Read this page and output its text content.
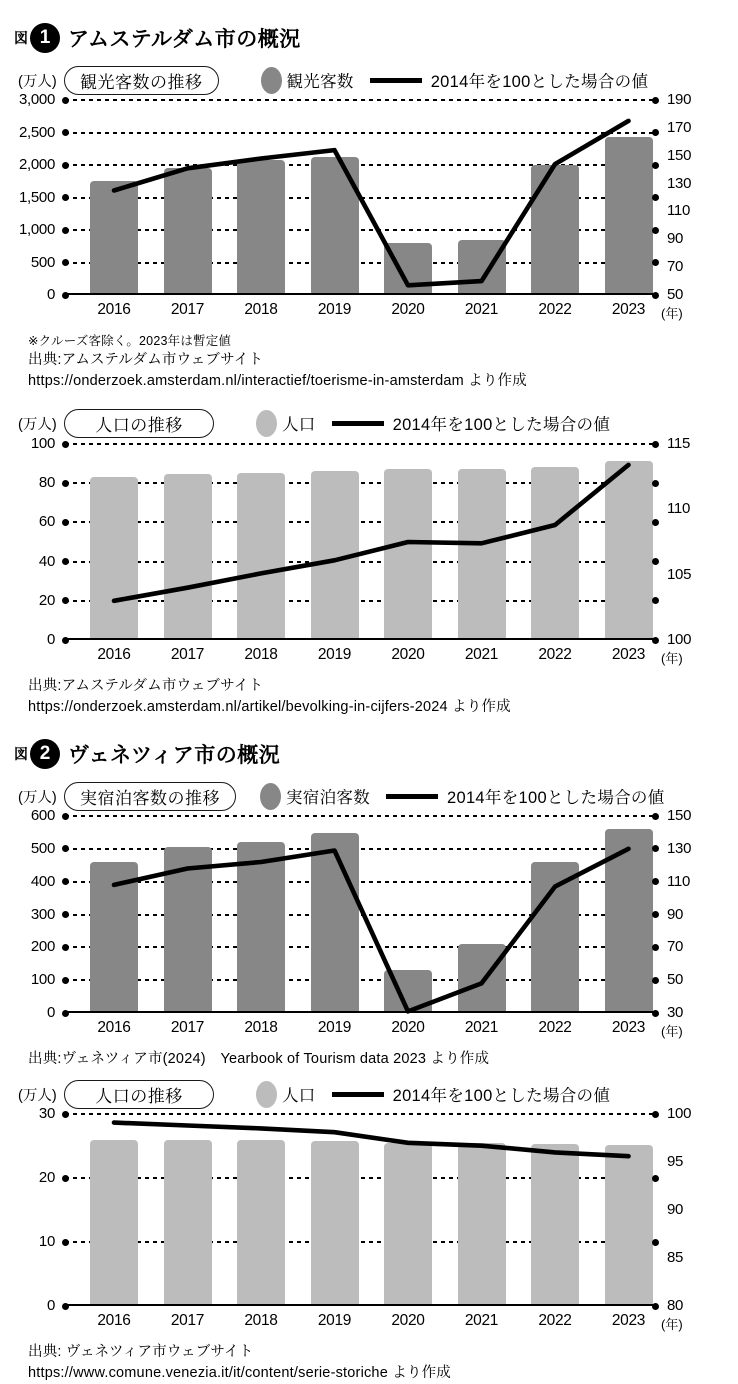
図 1 アムステルダム市の概況
(万人)	観光客数の推移	観光客数	2014年を100とした場合の値
3,000
2,500
2,000
1,500
1,000
500
0
190
170
150
130
110
90
70
50
2016	2017	2018	2019	2020	2021	2022	2023	(年)
※クルーズ客除く。2023年は暫定値
出典:アムステルダム市ウェブサイト
https://onderzoek.amsterdam.nl/interactief/toerisme-in-amsterdam より作成
(万人)	人口の推移	人口	2014年を100とした場合の値
100
80
60
40
20
0
115
110
105
100
2016	2017	2018	2019	2020	2021	2022	2023	(年)
出典:アムステルダム市ウェブサイト
https://onderzoek.amsterdam.nl/artikel/bevolking-in-cijfers-2024 より作成
図 2 ヴェネツィア市の概況
(万人)	実宿泊客数の推移	実宿泊客数	2014年を100とした場合の値
600
500
400
300
200
100
0
150
130
110
90
70
50
30
2016	2017	2018	2019	2020	2021	2022	2023	(年)
出典:ヴェネツィア市(2024)　Yearbook of Tourism data 2023 より作成
(万人)	人口の推移	人口	2014年を100とした場合の値
30
20
10
0
100
95
90
85
80
2016	2017	2018	2019	2020	2021	2022	2023	(年)
出典: ヴェネツィア市ウェブサイト
https://www.comune.venezia.it/it/content/serie-storiche より作成
